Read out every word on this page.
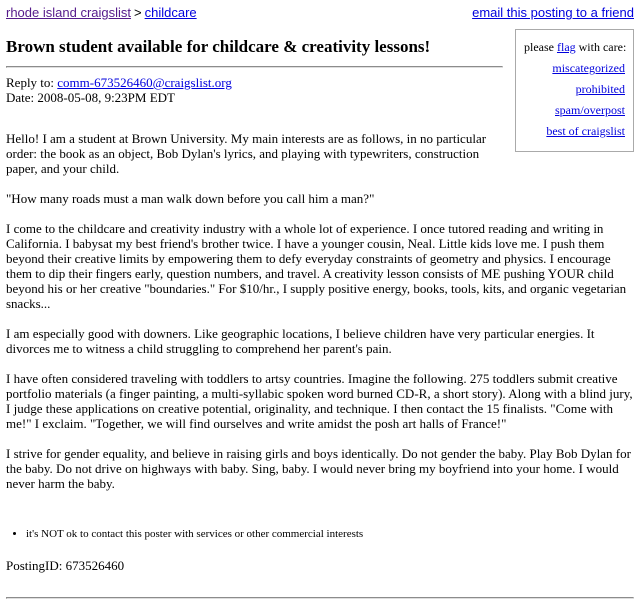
rhode island craigslist > childcare	email this posting to a friend
please flag with care:
miscategorized
prohibited
spam/overpost
best of craigslist
Brown student available for childcare & creativity lessons!
Reply to: comm-673526460@craigslist.org
Date: 2008-05-08, 9:23PM EDT

Hello! I am a student at Brown University. My main interests are as follows, in no particular order: the book as an object, Bob Dylan's lyrics, and playing with typewriters, construction paper, and your child.

"How many roads must a man walk down before you call him a man?"

I come to the childcare and creativity industry with a whole lot of experience. I once tutored reading and writing in California. I babysat my best friend's brother twice. I have a younger cousin, Neal. Little kids love me. I push them beyond their creative limits by empowering them to defy everyday constraints of geometry and physics. I encourage them to dip their fingers early, question numbers, and travel. A creativity lesson consists of ME pushing YOUR child beyond his or her creative "boundaries." For $10/hr., I supply positive energy, books, tools, kits, and organic vegetarian snacks...

I am especially good with downers. Like geographic locations, I believe children have very particular energies. It divorces me to witness a child struggling to comprehend her parent's pain.

I have often considered traveling with toddlers to artsy countries. Imagine the following. 275 toddlers submit creative portfolio materials (a finger painting, a multi-syllabic spoken word burned CD-R, a short story). Along with a blind jury, I judge these applications on creative potential, originality, and technique. I then contact the 15 finalists. "Come with me!" I exclaim. "Together, we will find ourselves and write amidst the posh art halls of France!"

I strive for gender equality, and believe in raising girls and boys identically. Do not gender the baby. Play Bob Dylan for the baby. Do not drive on highways with baby. Sing, baby. I would never bring my boyfriend into your home. I would never harm the baby.

• it's NOT ok to contact this poster with services or other commercial interests
PostingID: 673526460
